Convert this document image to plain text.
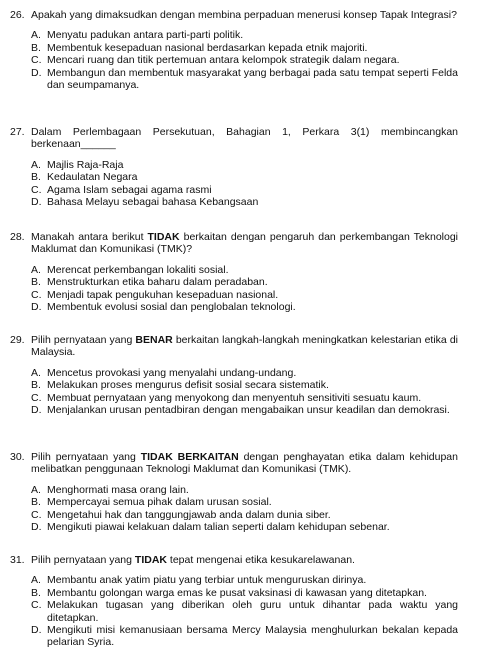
26. Apakah yang dimaksudkan dengan membina perpaduan menerusi konsep Tapak Integrasi?
A. Menyatu padukan antara parti-parti politik.
B. Membentuk kesepaduan nasional berdasarkan kepada etnik majoriti.
C. Mencari ruang dan titik pertemuan antara kelompok strategik dalam negara.
D. Membangun dan membentuk masyarakat yang berbagai pada satu tempat seperti Felda dan seumpamanya.
27. Dalam Perlembagaan Persekutuan, Bahagian 1, Perkara 3(1) membincangkan berkenaan______
A. Majlis Raja-Raja
B. Kedaulatan Negara
C. Agama Islam sebagai agama rasmi
D. Bahasa Melayu sebagai bahasa Kebangsaan
28. Manakah antara berikut TIDAK berkaitan dengan pengaruh dan perkembangan Teknologi Maklumat dan Komunikasi (TMK)?
A. Merencat perkembangan lokaliti sosial.
B. Menstrukturkan etika baharu dalam peradaban.
C. Menjadi tapak pengukuhan kesepaduan nasional.
D. Membentuk evolusi sosial dan penglobalan teknologi.
29. Pilih pernyataan yang BENAR berkaitan langkah-langkah meningkatkan kelestarian etika di Malaysia.
A. Mencetus provokasi yang menyalahi undang-undang.
B. Melakukan proses mengurus defisit sosial secara sistematik.
C. Membuat pernyataan yang menyokong dan menyentuh sensitiviti sesuatu kaum.
D. Menjalankan urusan pentadbiran dengan mengabaikan unsur keadilan dan demokrasi.
30. Pilih pernyataan yang TIDAK BERKAITAN dengan penghayatan etika dalam kehidupan melibatkan penggunaan Teknologi Maklumat dan Komunikasi (TMK).
A. Menghormati masa orang lain.
B. Mempercayai semua pihak dalam urusan sosial.
C. Mengetahui hak dan tanggungjawab anda dalam dunia siber.
D. Mengikuti piawai kelakuan dalam talian seperti dalam kehidupan sebenar.
31. Pilih pernyataan yang TIDAK tepat mengenai etika kesukarelawanan.
A. Membantu anak yatim piatu yang terbiar untuk menguruskan dirinya.
B. Membantu golongan warga emas ke pusat vaksinasi di kawasan yang ditetapkan.
C. Melakukan tugasan yang diberikan oleh guru untuk dihantar pada waktu yang ditetapkan.
D. Mengikuti misi kemanusiaan bersama Mercy Malaysia menghulurkan bekalan kepada pelarian Syria.
